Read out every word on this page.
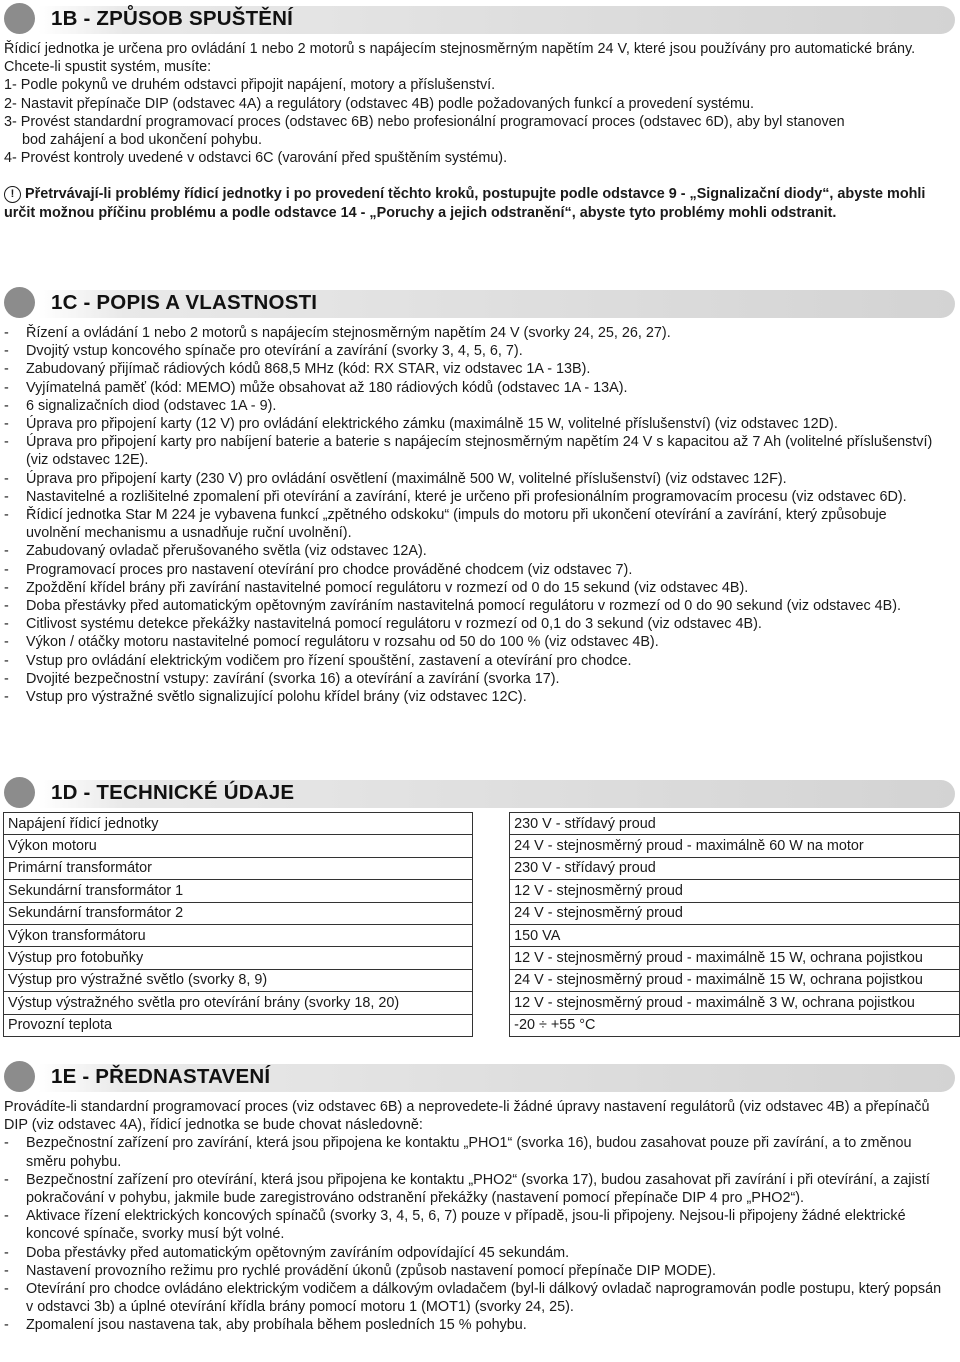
1B - ZPŮSOB SPUŠTĚNÍ

Řídicí jednotka je určena pro ovládání 1 nebo 2 motorů s napájecím stejnosměrným napětím 24 V, které jsou používány pro automatické brány.

Chcete-li spustit systém, musíte:

1- Podle pokynů ve druhém odstavci připojit napájení, motory a příslušenství.

2- Nastavit přepínače DIP (odstavec 4A) a regulátory (odstavec 4B) podle požadovaných funkcí a provedení systému.

3- Provést standardní programovací proces (odstavec 6B) nebo profesionální programovací proces (odstavec 6D), aby byl stanoven

bod zahájení a bod ukončení pohybu.

4- Provést kontroly uvedené v odstavci 6C (varování před spuštěním systému).

! Přetrvávají-li problémy řídicí jednotky i po provedení těchto kroků, postupujte podle odstavce 9 - „Signalizační diody“, abyste mohli určit možnou příčinu problému a podle odstavce 14 - „Poruchy a jejich odstranění“, abyste tyto problémy mohli odstranit.

1C - POPIS A VLASTNOSTI
- Řízení a ovládání 1 nebo 2 motorů s napájecím stejnosměrným napětím 24 V (svorky 24, 25, 26, 27).
- Dvojitý vstup koncového spínače pro otevírání a zavírání (svorky 3, 4, 5, 6, 7).
- Zabudovaný přijímač rádiových kódů 868,5 MHz (kód: RX STAR, viz odstavec 1A - 13B).
- Vyjímatelná paměť (kód: MEMO) může obsahovat až 180 rádiových kódů (odstavec 1A - 13A).
- 6 signalizačních diod (odstavec 1A - 9).
- Úprava pro připojení karty (12 V) pro ovládání elektrického zámku (maximálně 15 W, volitelné příslušenství) (viz odstavec 12D).
- Úprava pro připojení karty pro nabíjení baterie a baterie s napájecím stejnosměrným napětím 24 V s kapacitou až 7 Ah (volitelné příslušenství) (viz odstavec 12E).
- Úprava pro připojení karty (230 V) pro ovládání osvětlení (maximálně 500 W, volitelné příslušenství) (viz odstavec 12F).
- Nastavitelné a rozlišitelné zpomalení při otevírání a zavírání, které je určeno při profesionálním programovacím procesu (viz odstavec 6D).
- Řídicí jednotka Star M 224 je vybavena funkcí „zpětného odskoku“ (impuls do motoru při ukončení otevírání a zavírání, který způsobuje uvolnění mechanismu a usnadňuje ruční uvolnění).
- Zabudovaný ovladač přerušovaného světla (viz odstavec 12A).
- Programovací proces pro nastavení otevírání pro chodce prováděné chodcem (viz odstavec 7).
- Zpoždění křídel brány při zavírání nastavitelné pomocí regulátoru v rozmezí od 0 do 15 sekund (viz odstavec 4B).
- Doba přestávky před automatickým opětovným zavíráním nastavitelná pomocí regulátoru v rozmezí od 0 do 90 sekund (viz odstavec 4B).
- Citlivost systému detekce překážky nastavitelná pomocí regulátoru v rozmezí od 0,1 do 3 sekund (viz odstavec 4B).
- Výkon / otáčky motoru nastavitelné pomocí regulátoru v rozsahu od 50 do 100 % (viz odstavec 4B).
- Vstup pro ovládání elektrickým vodičem pro řízení spouštění, zastavení a otevírání pro chodce.
- Dvojité bezpečnostní vstupy: zavírání (svorka 16) a otevírání a zavírání (svorka 17).
- Vstup pro výstražné světlo signalizující polohu křídel brány (viz odstavec 12C).
1D - TECHNICKÉ ÚDAJE
Napájení řídicí jednotky		230 V - střídavý proud
Výkon motoru		24 V - stejnosměrný proud - maximálně 60 W na motor
Primární transformátor		230 V - střídavý proud
Sekundární transformátor 1		12 V - stejnosměrný proud
Sekundární transformátor 2		24 V - stejnosměrný proud
Výkon transformátoru		150 VA
Výstup pro fotobuňky		12 V - stejnosměrný proud - maximálně 15 W, ochrana pojistkou
Výstup pro výstražné světlo (svorky 8, 9)		24 V - stejnosměrný proud - maximálně 15 W, ochrana pojistkou
Výstup výstražného světla pro otevírání brány (svorky 18, 20)		12 V - stejnosměrný proud - maximálně 3 W, ochrana pojistkou
Provozní teplota		-20 ÷ +55 °C
1E - PŘEDNASTAVENÍ

Provádíte-li standardní programovací proces (viz odstavec 6B) a neprovedete-li žádné úpravy nastavení regulátorů (viz odstavec 4B) a přepínačů DIP (viz odstavec 4A), řídicí jednotka se bude chovat následovně:

- Bezpečnostní zařízení pro zavírání, která jsou připojena ke kontaktu „PHO1“ (svorka 16), budou zasahovat pouze při zavírání, a to změnou směru pohybu.
- Bezpečnostní zařízení pro otevírání, která jsou připojena ke kontaktu „PHO2“ (svorka 17), budou zasahovat při zavírání i při otevírání, a zajistí pokračování v pohybu, jakmile bude zaregistrováno odstranění překážky (nastavení pomocí přepínače DIP 4 pro „PHO2“).
- Aktivace řízení elektrických koncových spínačů (svorky 3, 4, 5, 6, 7) pouze v případě, jsou-li připojeny. Nejsou-li připojeny žádné elektrické koncové spínače, svorky musí být volné.
- Doba přestávky před automatickým opětovným zavíráním odpovídající 45 sekundám.
- Nastavení provozního režimu pro rychlé provádění úkonů (způsob nastavení pomocí přepínače DIP MODE).
- Otevírání pro chodce ovládáno elektrickým vodičem a dálkovým ovladačem (byl-li dálkový ovladač naprogramován podle postupu, který popsán v odstavci 3b) a úplné otevírání křídla brány pomocí motoru 1 (MOT1) (svorky 24, 25).
- Zpomalení jsou nastavena tak, aby probíhala během posledních 15 % pohybu.
